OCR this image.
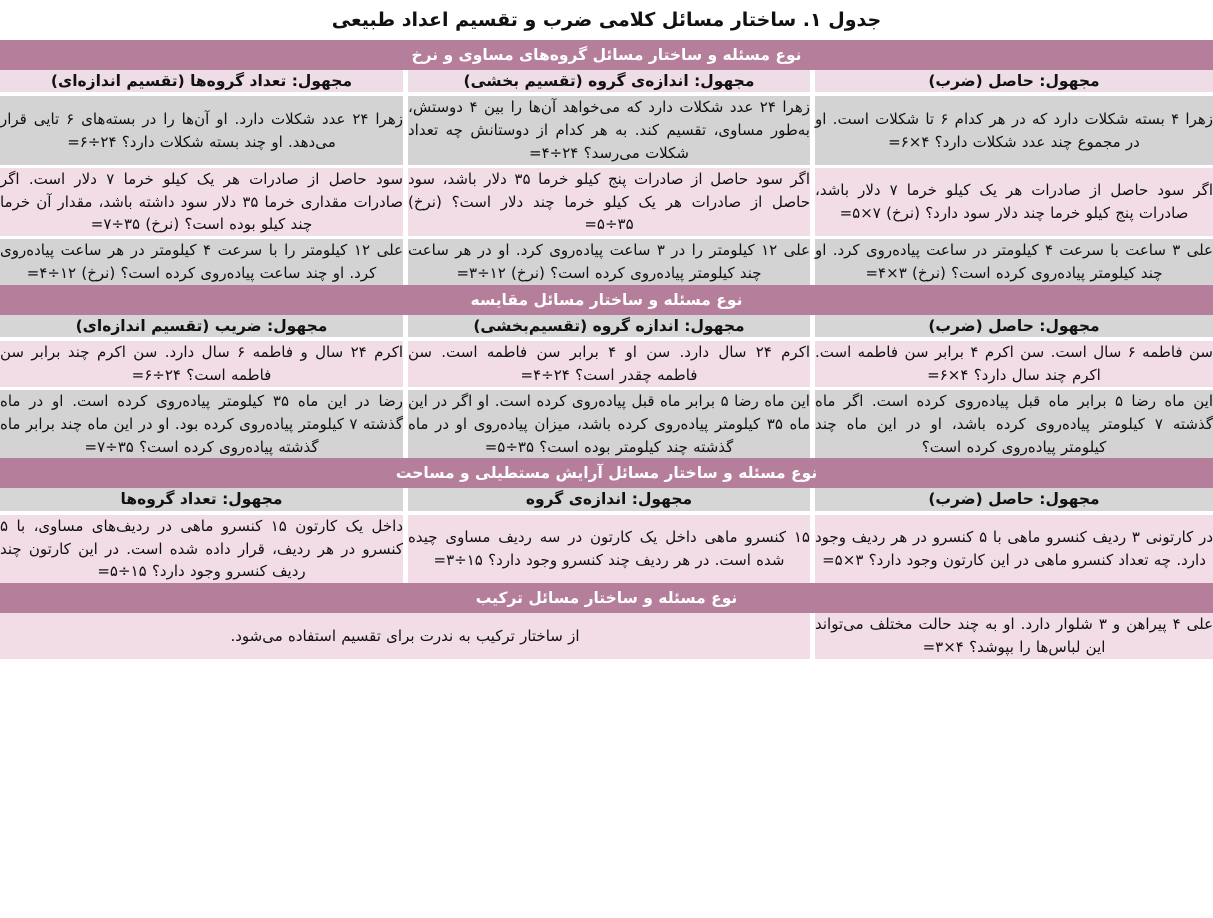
جدول ۱. ساختار مسائل کلامی ضرب و تقسیم اعداد طبیعی
نوع مسئله و ساختار مسائل گروه‌های مساوی و نرخ				
مجهول: حاصل (ضرب)		مجهول: اندازه‌ی گروه (تقسیم بخشی)		مجهول: تعداد گروه‌ها (تقسیم اندازه‌ای)

زهرا ۴ بسته شکلات دارد که در هر کدام ۶ تا شکلات است. او در مجموع چند عدد شکلات دارد؟ ۴×۶=		زهرا ۲۴ عدد شکلات دارد که می‌خواهد آن‌ها را بین ۴ دوستش، به‌طور مساوی، تقسیم کند. به هر کدام از دوستانش چه تعداد شکلات می‌رسد؟ ۲۴÷۴=		زهرا ۲۴ عدد شکلات دارد. او آن‌ها را در بسته‌های ۶ تایی قرار می‌دهد. او چند بسته شکلات دارد؟ ۲۴÷۶=

اگر سود حاصل از صادرات هر یک کیلو خرما ۷ دلار باشد، صادرات پنج کیلو خرما چند دلار سود دارد؟ (نرخ) ۷×۵=		اگر سود حاصل از صادرات پنج کیلو خرما ۳۵ دلار باشد، سود حاصل از صادرات هر یک کیلو خرما چند دلار است؟ (نرخ) ۳۵÷۵=		سود حاصل از صادرات هر یک کیلو خرما ۷ دلار است. اگر صادرات مقداری خرما ۳۵ دلار سود داشته باشد، مقدار آن خرما چند کیلو بوده است؟ (نرخ) ۳۵÷۷=

علی ۳ ساعت با سرعت ۴ کیلومتر در ساعت پیاده‌روی کرد. او چند کیلومتر پیاده‌روی کرده است؟ (نرخ) ۳×۴=		علی ۱۲ کیلومتر را در ۳ ساعت پیاده‌روی کرد. او در هر ساعت چند کیلومتر پیاده‌روی کرده است؟ (نرخ) ۱۲÷۳=		علی ۱۲ کیلومتر را با سرعت ۴ کیلومتر در هر ساعت پیاده‌روی کرد. او چند ساعت پیاده‌روی کرده است؟ (نرخ) ۱۲÷۴=
نوع مسئله و ساختار مسائل مقایسه				
مجهول: حاصل (ضرب)		مجهول: اندازه گروه (تقسیم‌بخشی)		مجهول: ضریب (تقسیم اندازه‌ای)

سن فاطمه ۶ سال است. سن اکرم ۴ برابر سن فاطمه است. اکرم چند سال دارد؟ ۴×۶=		اکرم ۲۴ سال دارد. سن او ۴ برابر سن فاطمه است. سن فاطمه چقدر است؟ ۲۴÷۴=		اکرم ۲۴ سال و فاطمه ۶ سال دارد. سن اکرم چند برابر سن فاطمه است؟ ۲۴÷۶=

این ماه رضا ۵ برابر ماه قبل پیاده‌روی کرده است. اگر ماه گذشته ۷ کیلومتر پیاده‌روی کرده باشد، او در این ماه چند کیلومتر پیاده‌روی کرده است؟		این ماه رضا ۵ برابر ماه قبل پیاده‌روی کرده است. او اگر در این ماه ۳۵ کیلومتر پیاده‌روی کرده باشد، میزان پیاده‌روی او در ماه گذشته چند کیلومتر بوده است؟ ۳۵÷۵=		رضا در این ماه ۳۵ کیلومتر پیاده‌روی کرده است. او در ماه گذشته ۷ کیلومتر پیاده‌روی کرده بود. او در این ماه چند برابر ماه گذشته پیاده‌روی کرده است؟ ۳۵÷۷=
نوع مسئله و ساختار مسائل آرایش مستطیلی و مساحت				
مجهول: حاصل (ضرب)		مجهول: اندازه‌ی گروه		مجهول: تعداد گروه‌ها

در کارتونی ۳ ردیف کنسرو ماهی با ۵ کنسرو در هر ردیف وجود دارد. چه تعداد کنسرو ماهی در این کارتون وجود دارد؟ ۳×۵=		۱۵ کنسرو ماهی داخل یک کارتون در سه ردیف مساوی چیده شده است. در هر ردیف چند کنسرو وجود دارد؟ ۱۵÷۳=		داخل یک کارتون ۱۵ کنسرو ماهی در ردیف‌های مساوی، با ۵ کنسرو در هر ردیف، قرار داده شده است. در این کارتون چند ردیف کنسرو وجود دارد؟ ۱۵÷۵=
نوع مسئله و ساختار مسائل ترکیب				
علی ۴ پیراهن و ۳ شلوار دارد. او به چند حالت مختلف می‌تواند این لباس‌ها را بپوشد؟ ۴×۳=		از ساختار ترکیب به ندرت برای تقسیم استفاده می‌شود.		
